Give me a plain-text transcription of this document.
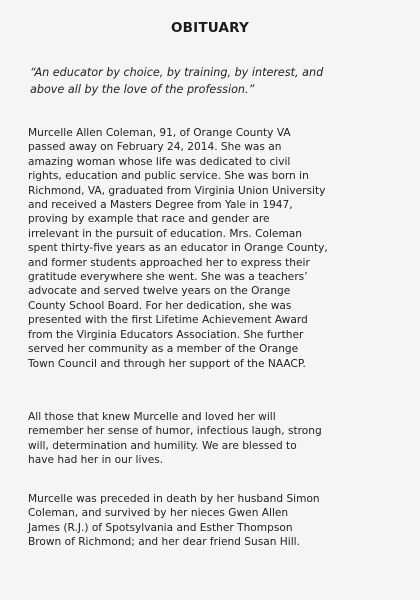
OBITUARY
“An educator by choice, by training, by interest, and
above all by the love of the profession.”
Murcelle Allen Coleman, 91, of Orange County VA
passed away on February 24, 2014. She was an
amazing woman whose life was dedicated to civil
rights, education and public service. She was born in
Richmond, VA, graduated from Virginia Union University
and received a Masters Degree from Yale in 1947,
proving by example that race and gender are
irrelevant in the pursuit of education. Mrs. Coleman
spent thirty-five years as an educator in Orange County,
and former students approached her to express their
gratitude everywhere she went. She was a teachers’
advocate and served twelve years on the Orange
County School Board. For her dedication, she was
presented with the first Lifetime Achievement Award
from the Virginia Educators Association. She further
served her community as a member of the Orange
Town Council and through her support of the NAACP.
All those that knew Murcelle and loved her will
remember her sense of humor, infectious laugh, strong
will, determination and humility. We are blessed to
have had her in our lives.
Murcelle was preceded in death by her husband Simon
Coleman, and survived by her nieces Gwen Allen
James (R.J.) of Spotsylvania and Esther Thompson
Brown of Richmond; and her dear friend Susan Hill.
